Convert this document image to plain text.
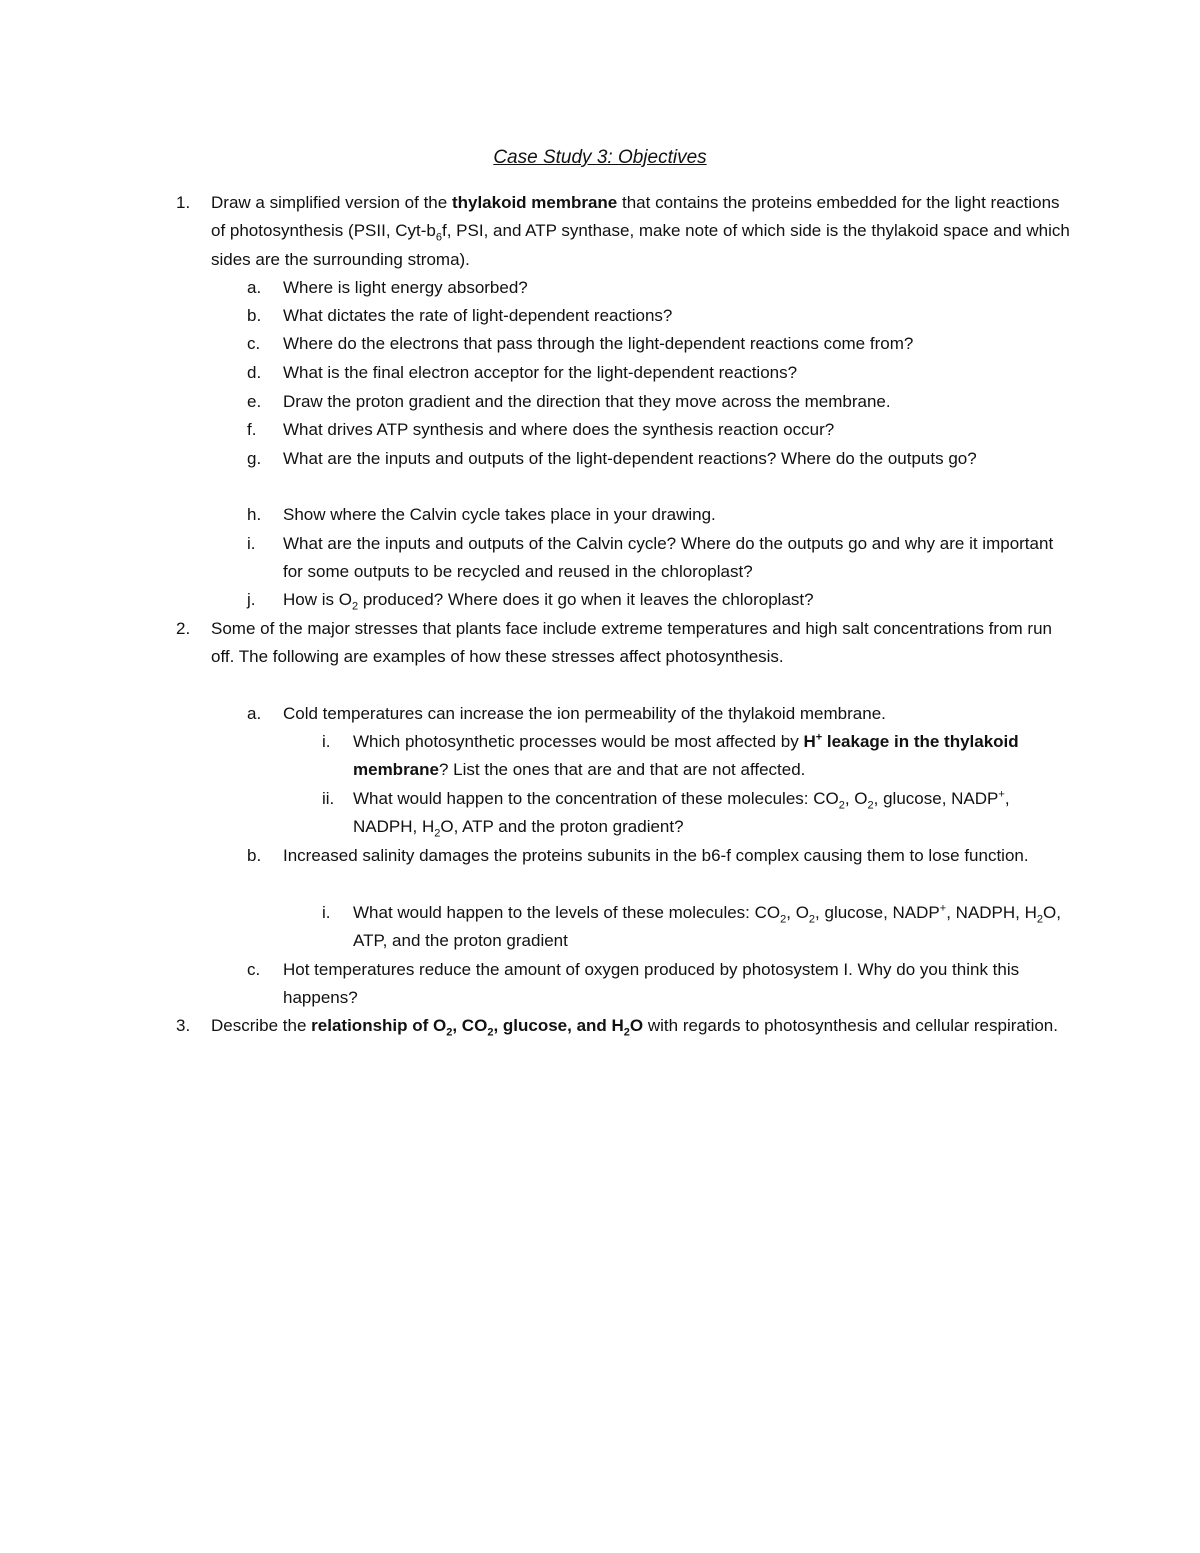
Case Study 3: Objectives
1. Draw a simplified version of the thylakoid membrane that contains the proteins embedded for the light reactions of photosynthesis (PSII, Cyt-$b_6f$, PSI, and ATP synthase, make note of which side is the thylakoid space and which sides are the surrounding stroma).
a. Where is light energy absorbed?
b. What dictates the rate of light-dependent reactions?
c. Where do the electrons that pass through the light-dependent reactions come from?
d. What is the final electron acceptor for the light-dependent reactions?
e. Draw the proton gradient and the direction that they move across the membrane.
f. What drives ATP synthesis and where does the synthesis reaction occur?
g. What are the inputs and outputs of the light-dependent reactions? Where do the outputs go?
h. Show where the Calvin cycle takes place in your drawing.
i. What are the inputs and outputs of the Calvin cycle? Where do the outputs go and why are it important for some outputs to be recycled and reused in the chloroplast?
j. How is $O_2$ produced? Where does it go when it leaves the chloroplast?
2. Some of the major stresses that plants face include extreme temperatures and high salt concentrations from run off. The following are examples of how these stresses affect photosynthesis.
a. Cold temperatures can increase the ion permeability of the thylakoid membrane.
i. Which photosynthetic processes would be most affected by H+ leakage in the thylakoid membrane? List the ones that are and that are not affected.
ii. What would happen to the concentration of these molecules: $CO_2$, $O_2$, glucose, NADP+, NADPH, $H_2O$, ATP and the proton gradient?
b. Increased salinity damages the proteins subunits in the b6-f complex causing them to lose function.
i. What would happen to the levels of these molecules: $CO_2$, $O_2$, glucose, NADP+, NADPH, $H_2O$, ATP, and the proton gradient
c. Hot temperatures reduce the amount of oxygen produced by photosystem I. Why do you think this happens?
3. Describe the relationship of $O_2$, $CO_2$, glucose, and $H_2O$ with regards to photosynthesis and cellular respiration.
